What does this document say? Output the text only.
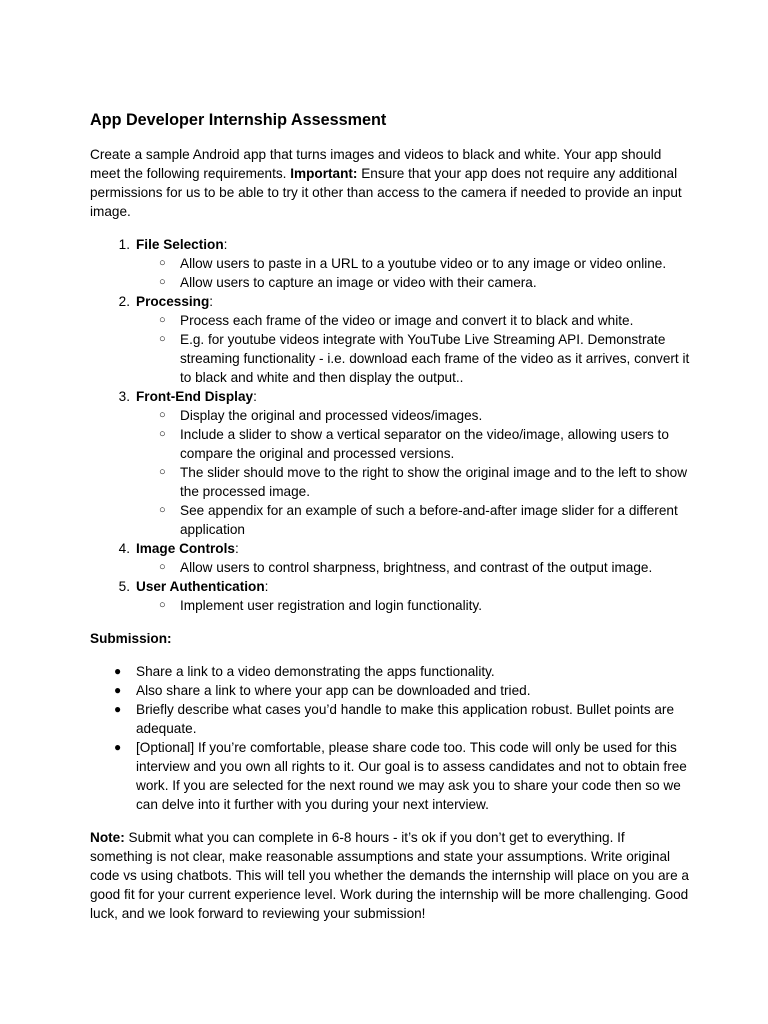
App Developer Internship Assessment

Create a sample Android app that turns images and videos to black and white. Your app should meet the following requirements. Important: Ensure that your app does not require any additional permissions for us to be able to try it other than access to the camera if needed to provide an input image.

1. File Selection:
○ Allow users to paste in a URL to a youtube video or to any image or video online.
○ Allow users to capture an image or video with their camera.
2. Processing:
○ Process each frame of the video or image and convert it to black and white.
○ E.g. for youtube videos integrate with YouTube Live Streaming API. Demonstrate streaming functionality - i.e. download each frame of the video as it arrives, convert it to black and white and then display the output..
3. Front-End Display:
○ Display the original and processed videos/images.
○ Include a slider to show a vertical separator on the video/image, allowing users to compare the original and processed versions.
○ The slider should move to the right to show the original image and to the left to show the processed image.
○ See appendix for an example of such a before-and-after image slider for a different application
4. Image Controls:
○ Allow users to control sharpness, brightness, and contrast of the output image.
5. User Authentication:
○ Implement user registration and login functionality.
Submission:
● Share a link to a video demonstrating the apps functionality.
● Also share a link to where your app can be downloaded and tried.
● Briefly describe what cases you’d handle to make this application robust. Bullet points are adequate.
● [Optional] If you’re comfortable, please share code too. This code will only be used for this interview and you own all rights to it. Our goal is to assess candidates and not to obtain free work. If you are selected for the next round we may ask you to share your code then so we can delve into it further with you during your next interview.

Note: Submit what you can complete in 6-8 hours - it’s ok if you don’t get to everything. If something is not clear, make reasonable assumptions and state your assumptions. Write original code vs using chatbots. This will tell you whether the demands the internship will place on you are a good fit for your current experience level. Work during the internship will be more challenging. Good luck, and we look forward to reviewing your submission!
